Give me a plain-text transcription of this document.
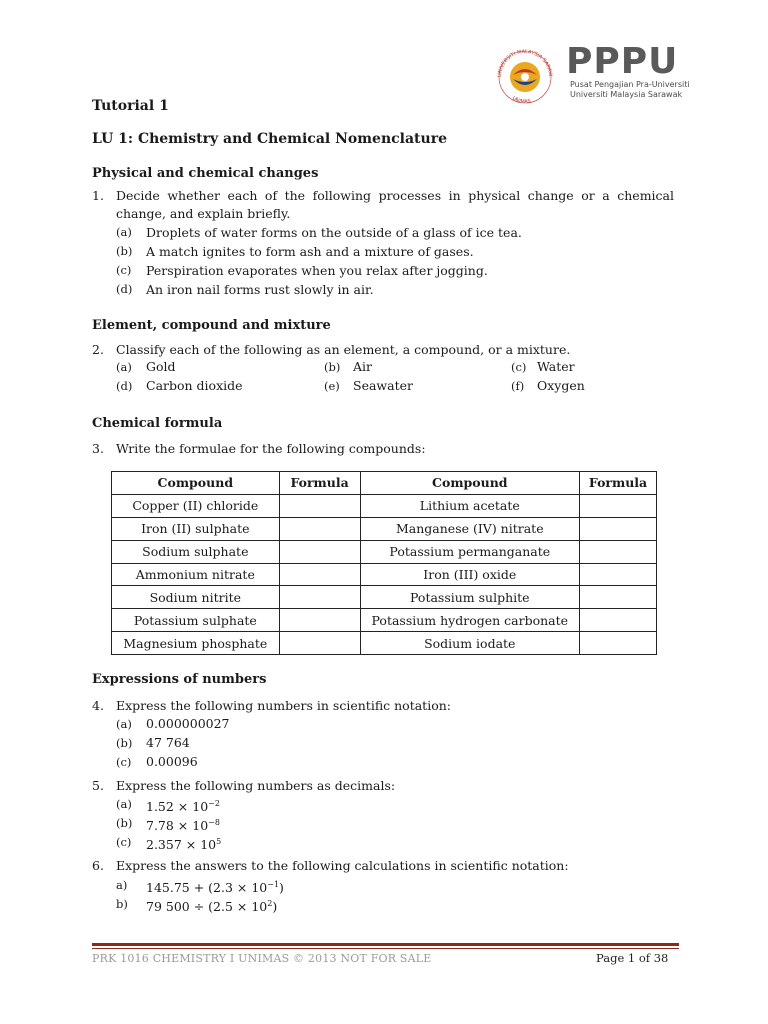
UNIVERSITI MALAYSIA SARAW
UNIMAS
PPPU
Pusat Pengajian Pra-Universiti
Universiti Malaysia Sarawak
Tutorial 1
LU 1: Chemistry and Chemical Nomenclature
Physical and chemical changes
1. Decide whether each of the following processes in physical change or a chemical
change, and explain briefly.
(a) Droplets of water forms on the outside of a glass of ice tea.
(b) A match ignites to form ash and a mixture of gases.
(c) Perspiration evaporates when you relax after jogging.
(d) An iron nail forms rust slowly in air.
Element, compound and mixture
2. Classify each of the following as an element, a compound, or a mixture.
(a) Gold	(b) Air	(c) Water
(d) Carbon dioxide	(e) Seawater	(f) Oxygen
Chemical formula
3. Write the formulae for the following compounds:
Compound	Formula	Compound	Formula
Copper (II) chloride		Lithium acetate	
Iron (II) sulphate		Manganese (IV) nitrate	
Sodium sulphate		Potassium permanganate	
Ammonium nitrate		Iron (III) oxide	
Sodium nitrite		Potassium sulphite	
Potassium sulphate		Potassium hydrogen carbonate	
Magnesium phosphate		Sodium iodate	
Expressions of numbers
4. Express the following numbers in scientific notation:
(a) 0.000000027
(b) 47 764
(c) 0.00096
5. Express the following numbers as decimals:
(a) $1.52 \times 10^{-2}$
(b) $7.78 \times 10^{-8}$
(c) $2.357 \times 10^5$
6. Express the answers to the following calculations in scientific notation:
a) $145.75 + (2.3 \times 10^{-1})$
b) 79 $500 \div (2.5 \times 10^2)$
PRK 1016 CHEMISTRY I UNIMAS © 2013 NOT FOR SALE	Page 1 of 38
